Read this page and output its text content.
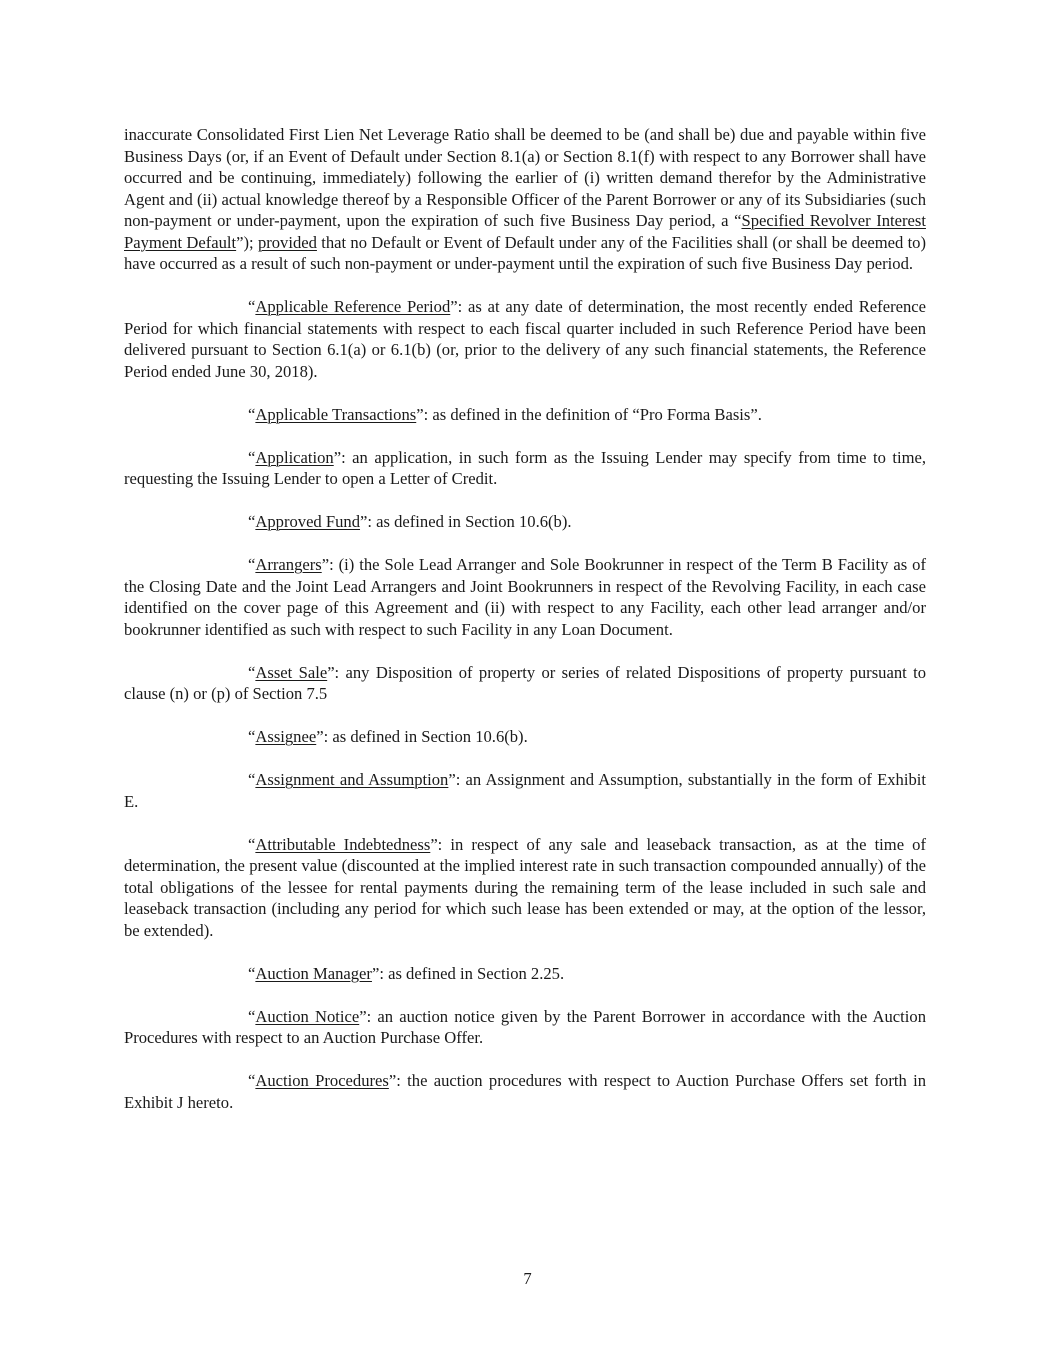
inaccurate Consolidated First Lien Net Leverage Ratio shall be deemed to be (and shall be) due and payable within five Business Days (or, if an Event of Default under Section 8.1(a) or Section 8.1(f) with respect to any Borrower shall have occurred and be continuing, immediately) following the earlier of (i) written demand therefor by the Administrative Agent and (ii) actual knowledge thereof by a Responsible Officer of the Parent Borrower or any of its Subsidiaries (such non-payment or under-payment, upon the expiration of such five Business Day period, a “Specified Revolver Interest Payment Default”); provided that no Default or Event of Default under any of the Facilities shall (or shall be deemed to) have occurred as a result of such non-payment or under-payment until the expiration of such five Business Day period.

“Applicable Reference Period”: as at any date of determination, the most recently ended Reference Period for which financial statements with respect to each fiscal quarter included in such Reference Period have been delivered pursuant to Section 6.1(a) or 6.1(b) (or, prior to the delivery of any such financial statements, the Reference Period ended June 30, 2018).

“Applicable Transactions”: as defined in the definition of “Pro Forma Basis”.

“Application”: an application, in such form as the Issuing Lender may specify from time to time, requesting the Issuing Lender to open a Letter of Credit.

“Approved Fund”: as defined in Section 10.6(b).

“Arrangers”: (i) the Sole Lead Arranger and Sole Bookrunner in respect of the Term B Facility as of the Closing Date and the Joint Lead Arrangers and Joint Bookrunners in respect of the Revolving Facility, in each case identified on the cover page of this Agreement and (ii) with respect to any Facility, each other lead arranger and/or bookrunner identified as such with respect to such Facility in any Loan Document.

“Asset Sale”: any Disposition of property or series of related Dispositions of property pursuant to clause (n) or (p) of Section 7.5

“Assignee”: as defined in Section 10.6(b).

“Assignment and Assumption”: an Assignment and Assumption, substantially in the form of Exhibit E.

“Attributable Indebtedness”: in respect of any sale and leaseback transaction, as at the time of determination, the present value (discounted at the implied interest rate in such transaction compounded annually) of the total obligations of the lessee for rental payments during the remaining term of the lease included in such sale and leaseback transaction (including any period for which such lease has been extended or may, at the option of the lessor, be extended).

“Auction Manager”: as defined in Section 2.25.

“Auction Notice”: an auction notice given by the Parent Borrower in accordance with the Auction Procedures with respect to an Auction Purchase Offer.

“Auction Procedures”: the auction procedures with respect to Auction Purchase Offers set forth in Exhibit J hereto.

7
